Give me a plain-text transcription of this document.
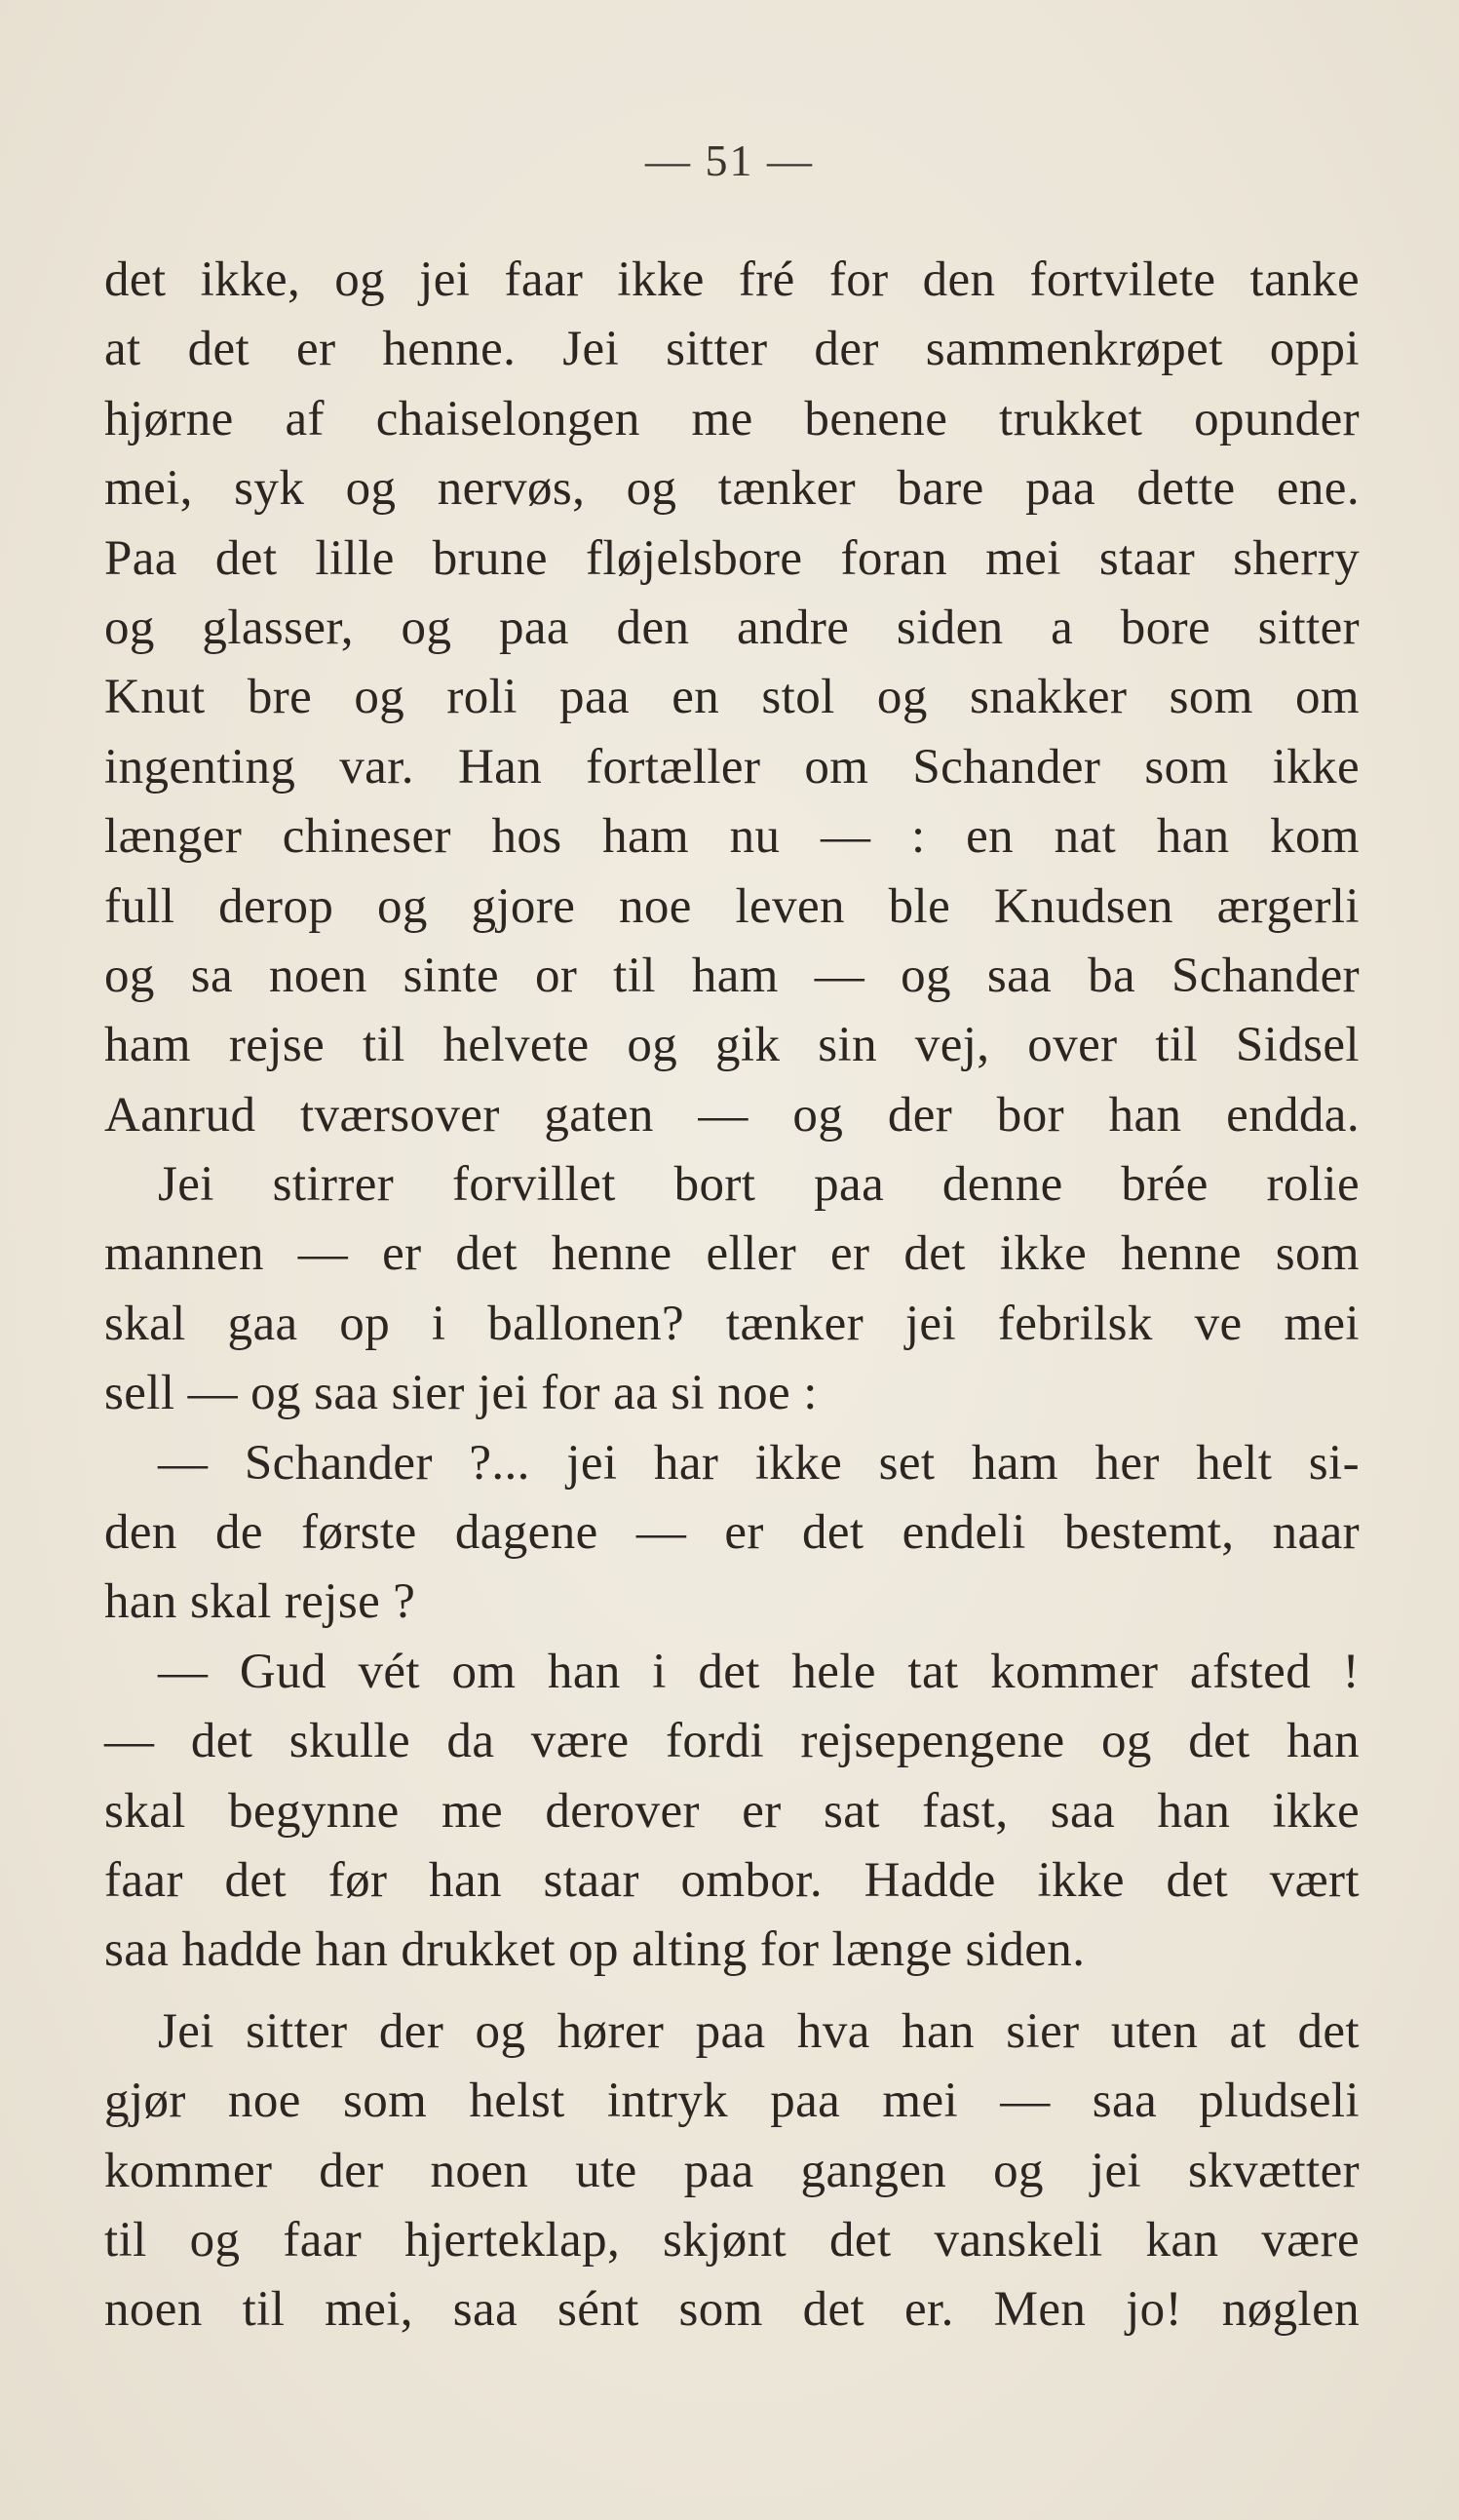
— 51 —
det ikke, og jei faar ikke fré for den fortvilete tanke
at det er henne. Jei sitter der sammenkrøpet oppi
hjørne af chaiselongen me benene trukket opunder
mei, syk og nervøs, og tænker bare paa dette ene.
Paa det lille brune fløjelsbore foran mei staar sherry
og glasser, og paa den andre siden a bore sitter
Knut bre og roli paa en stol og snakker som om
ingenting var. Han fortæller om Schander som ikke
længer chineser hos ham nu — : en nat han kom
full derop og gjore noe leven ble Knudsen ærgerli
og sa noen sinte or til ham — og saa ba Schander
ham rejse til helvete og gik sin vej, over til Sidsel
Aanrud tværsover gaten — og der bor han endda.
Jei stirrer forvillet bort paa denne brée rolie
mannen — er det henne eller er det ikke henne som
skal gaa op i ballonen? tænker jei febrilsk ve mei
sell — og saa sier jei for aa si noe :
— Schander ?... jei har ikke set ham her helt si-
den de første dagene — er det endeli bestemt, naar
han skal rejse ?
— Gud vét om han i det hele tat kommer afsted !
— det skulle da være fordi rejsepengene og det han
skal begynne me derover er sat fast, saa han ikke
faar det før han staar ombor. Hadde ikke det vært
saa hadde han drukket op alting for længe siden.
Jei sitter der og hører paa hva han sier uten at det
gjør noe som helst intryk paa mei — saa pludseli
kommer der noen ute paa gangen og jei skvætter
til og faar hjerteklap, skjønt det vanskeli kan være
noen til mei, saa sént som det er. Men jo! nøglen
